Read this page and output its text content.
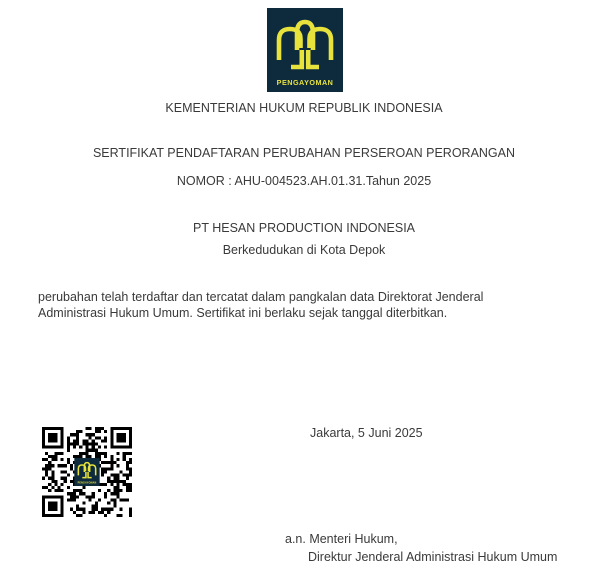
PENGAYOMAN
KEMENTERIAN HUKUM REPUBLIK INDONESIA
SERTIFIKAT PENDAFTARAN PERUBAHAN PERSEROAN PERORANGAN
NOMOR : AHU-004523.AH.01.31.Tahun 2025
PT HESAN PRODUCTION INDONESIA
Berkedudukan di Kota Depok
perubahan telah terdaftar dan tercatat dalam pangkalan data Direktorat Jenderal
Administrasi Hukum Umum. Sertifikat ini berlaku sejak tanggal diterbitkan.
PENGAYOMAN
Jakarta, 5 Juni 2025
a.n. Menteri Hukum,
Direktur Jenderal Administrasi Hukum Umum
